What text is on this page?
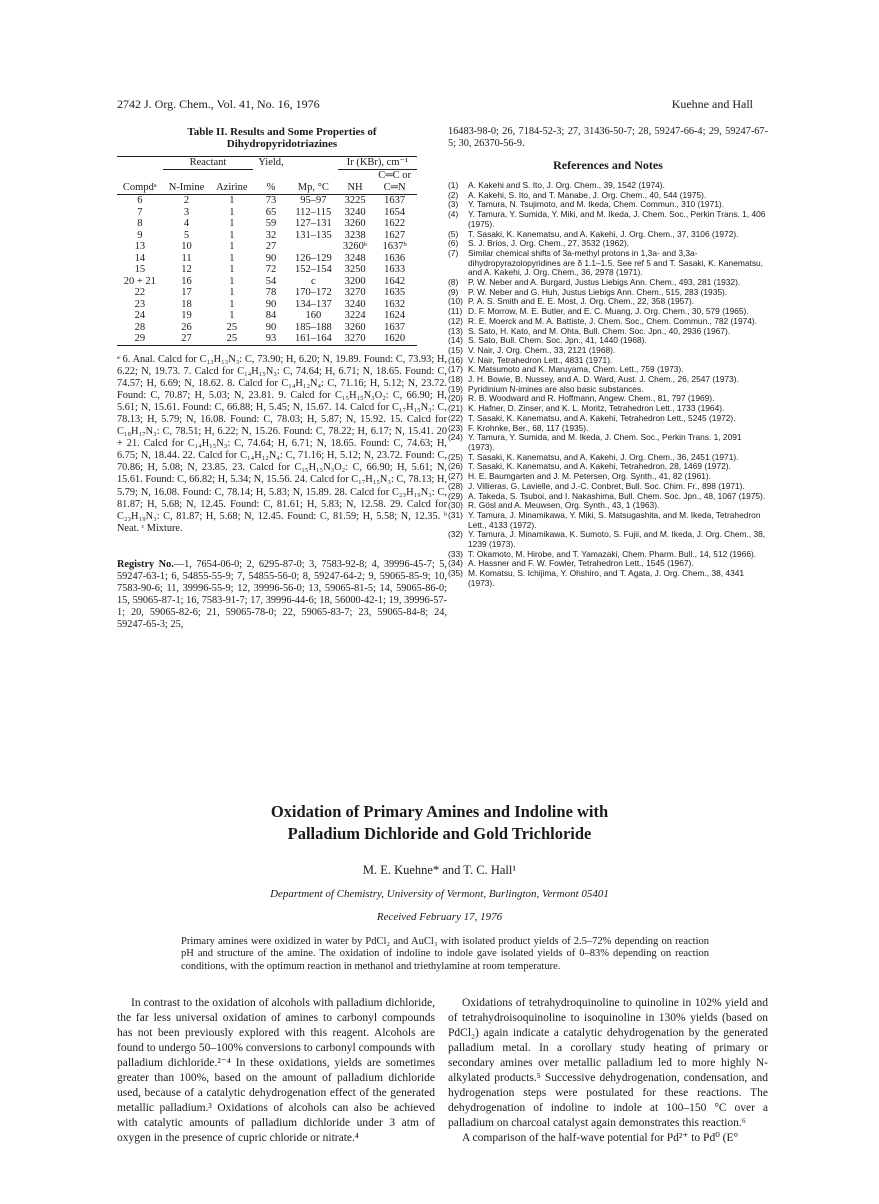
2742 J. Org. Chem., Vol. 41, No. 16, 1976	Kuehne and Hall
Table II. Results and Some Properties of
Dihydropyridotriazines
	Reactant		Yield,		Ir (KBr), cm⁻¹	
						C═C or
Compdᵃ	N-Imine	Azirine	%	Mp, °C	NH	C═N
6	2	1	73	95–97	3225	1637
7	3	1	65	112–115	3240	1654
8	4	1	59	127–131	3260	1622
9	5	1	32	131–135	3238	1627
13	10	1	27		3260ᵇ	1637ᵇ
14	11	1	90	126–129	3248	1636
15	12	1	72	152–154	3250	1633
20 + 21	16	1	54	c	3200	1642
22	17	1	78	170–172	3270	1635
23	18	1	90	134–137	3240	1632
24	19	1	84	160	3224	1624
28	26	25	90	185–188	3260	1637
29	27	25	93	161–164	3270	1620
ᵃ 6. Anal. Calcd for C₁₃H₁₃N₃: C, 73.90; H, 6.20; N, 19.89. Found: C, 73.93; H, 6.22; N, 19.73. 7. Calcd for C₁₄H₁₅N₃: C, 74.64; H, 6.71; N, 18.65. Found: C, 74.57; H, 6.69; N, 18.62. 8. Calcd for C₁₄H₁₂N₄: C, 71.16; H, 5.12; N, 23.72. Found: C, 70.87; H, 5.03; N, 23.81. 9. Calcd for C₁₅H₁₅N₃O₂: C, 66.90; H, 5.61; N, 15.61. Found: C, 66.88; H, 5.45; N, 15.67. 14. Calcd for C₁₇H₁₅N₃: C, 78.13; H, 5.79; N, 16.08. Found: C, 78.03; H, 5.87; N, 15.92. 15. Calcd for C₁₈H₁₇N₃: C, 78.51; H, 6.22; N, 15.26. Found: C, 78.22; H, 6.17; N, 15.41. 20 + 21. Calcd for C₁₄H₁₅N₃: C, 74.64; H, 6.71; N, 18.65. Found: C, 74.63; H, 6.75; N, 18.44. 22. Calcd for C₁₄H₁₂N₄: C, 71.16; H, 5.12; N, 23.72. Found: C, 70.86; H, 5.08; N, 23.85. 23. Calcd for C₁₅H₁₅N₃O₂: C, 66.90; H, 5.61; N, 15.61. Found: C, 66.82; H, 5.34; N, 15.56. 24. Calcd for C₁₇H₁₅N₃: C, 78.13; H, 5.79; N, 16.08. Found: C, 78.14; H, 5.83; N, 15.89. 28. Calcd for C₂₃H₁₉N₃: C, 81.87; H, 5.68; N, 12.45. Found: C, 81.61; H, 5.83; N, 12.58. 29. Calcd for C₂₃H₁₉N₃: C, 81.87; H, 5.68; N, 12.45. Found: C, 81.59; H, 5.58; N, 12.35. ᵇ Neat. ᶜ Mixture.
Registry No.—1, 7654-06-0; 2, 6295-87-0; 3, 7583-92-8; 4, 39996-45-7; 5, 59247-63-1; 6, 54855-55-9; 7, 54855-56-0; 8, 59247-64-2; 9, 59065-85-9; 10, 7583-90-6; 11, 39996-55-9; 12, 39996-56-0; 13, 59065-81-5; 14, 59065-86-0; 15, 59065-87-1; 16, 7583-91-7; 17, 39996-44-6; 18, 56000-42-1; 19, 39996-57-1; 20, 59065-82-6; 21, 59065-78-0; 22, 59065-83-7; 23, 59065-84-8; 24, 59247-65-3; 25,

16483-98-0; 26, 7184-52-3; 27, 31436-50-7; 28, 59247-66-4; 29, 59247-67-5; 30, 26370-56-9.

References and Notes
(1)	A. Kakehi and S. Ito, J. Org. Chem., 39, 1542 (1974).
(2)	A. Kakehi, S. Ito, and T. Manabe, J. Org. Chem., 40, 544 (1975).
(3)	Y. Tamura, N. Tsujimoto, and M. Ikeda, Chem. Commun., 310 (1971).
(4)	Y. Tamura, Y. Sumida, Y. Miki, and M. Ikeda, J. Chem. Soc., Perkin Trans. 1, 406 (1975).
(5)	T. Sasaki, K. Kanematsu, and A. Kakehi, J. Org. Chem., 37, 3106 (1972).
(6)	S. J. Brios, J. Org. Chem., 27, 3532 (1962).
(7)	Similar chemical shifts of 3a-methyl protons in 1,3a- and 3,3a-dihydropyrazolopyridines are δ 1.1–1.5. See ref 5 and T. Sasaki, K. Kanematsu, and A. Kakehi, J. Org. Chem., 36, 2978 (1971).
(8)	P. W. Neber and A. Burgard, Justus Liebigs Ann. Chem., 493, 281 (1932).
(9)	P. W. Neber and G. Huh, Justus Liebigs Ann. Chem., 515, 283 (1935).
(10) P. A. S. Smith and E. E. Most, J. Org. Chem., 22, 358 (1957).
(11) D. F. Morrow, M. E. Butler, and E. C. Muang, J. Org. Chem., 30, 579 (1965).
(12) R. E. Moerck and M. A. Battiste, J. Chem. Soc., Chem. Commun., 782 (1974).
(13) S. Sato, H. Kato, and M. Ohta, Bull. Chem. Soc. Jpn., 40, 2936 (1967).
(14) S. Sato, Bull. Chem. Soc. Jpn., 41, 1440 (1968).
(15) V. Nair, J. Org. Chem., 33, 2121 (1968).
(16) V. Nair, Tetrahedron Lett., 4831 (1971).
(17) K. Matsumoto and K. Maruyama, Chem. Lett., 759 (1973).
(18) J. H. Bowie, B. Nussey, and A. D. Ward, Aust. J. Chem., 26, 2547 (1973).
(19) Pyridinium N-imines are also basic substances.
(20) R. B. Woodward and R. Hoffmann, Angew. Chem., 81, 797 (1969).
(21) K. Hafner, D. Zinser, and K. L. Moritz, Tetrahedron Lett., 1733 (1964).
(22) T. Sasaki, K. Kanematsu, and A. Kakehi, Tetrahedron Lett., 5245 (1972).
(23) F. Krohnke, Ber., 68, 117 (1935).
(24) Y. Tamura, Y. Sumida, and M. Ikeda, J. Chem. Soc., Perkin Trans. 1, 2091 (1973).
(25) T. Sasaki, K. Kanematsu, and A. Kakehi, J. Org. Chem., 36, 2451 (1971).
(26) T. Sasaki, K. Kanematsu, and A. Kakehi, Tetrahedron, 28, 1469 (1972).
(27) H. E. Baumgarten and J. M. Petersen, Org. Synth., 41, 82 (1961).
(28) J. Villieras, G. Lavielle, and J.-C. Conbret, Bull. Soc. Chim. Fr., 898 (1971).
(29) A. Takeda, S. Tsuboi, and I. Nakashima, Bull. Chem. Soc. Jpn., 48, 1067 (1975).
(30) R. Gösl and A. Meuwsen, Org. Synth., 43, 1 (1963).
(31) Y. Tamura, J. Minamikawa, Y. Miki, S. Matsugashita, and M. Ikeda, Tetrahedron Lett., 4133 (1972).
(32) Y. Tamura, J. Minamikawa, K. Sumoto, S. Fujii, and M. Ikeda, J. Org. Chem., 38, 1239 (1973).
(33) T. Okamoto, M. Hirobe, and T. Yamazaki, Chem. Pharm. Bull., 14, 512 (1966).
(34) A. Hassner and F. W. Fowler, Tetrahedron Lett., 1545 (1967).
(35) M. Komatsu, S. Ichijima, Y. Ohshiro, and T. Agata, J. Org. Chem., 38, 4341 (1973).
Oxidation of Primary Amines and Indoline with
Palladium Dichloride and Gold Trichloride
M. E. Kuehne* and T. C. Hall¹
Department of Chemistry, University of Vermont, Burlington, Vermont 05401
Received February 17, 1976
Primary amines were oxidized in water by PdCl₂ and AuCl₃ with isolated product yields of 2.5–72% depending on reaction pH and structure of the amine. The oxidation of indoline to indole gave isolated yields of 0–83% depending on reaction conditions, with the optimum reaction in methanol and triethylamine at room temperature.

In contrast to the oxidation of alcohols with palladium dichloride, the far less universal oxidation of amines to carbonyl compounds has not been previously explored with this reagent. Alcohols are found to undergo 50–100% conversions to carbonyl compounds with palladium dichloride.²⁻⁴ In these oxidations, yields are sometimes greater than 100%, based on the amount of palladium dichloride used, because of a catalytic dehydrogenation effect of the generated metallic palladium.³ Oxidations of alcohols can also be achieved with catalytic amounts of palladium dichloride under 3 atm of oxygen in the presence of cupric chloride or nitrate.⁴

Oxidations of tetrahydroquinoline to quinoline in 102% yield and of tetrahydroisoquinoline to isoquinoline in 130% yields (based on PdCl₂) again indicate a catalytic dehydrogenation by the generated palladium metal. In a corollary study heating of primary or secondary amines over metallic palladium led to more highly N-alkylated products.⁵ Successive dehydrogenation, condensation, and hydrogenation steps were postulated for these reactions. The dehydrogenation of indoline to indole at 100–150 °C over a palladium on charcoal catalyst again demonstrates this reaction.⁶

A comparison of the half-wave potential for Pd²⁺ to Pd⁰ (E°
